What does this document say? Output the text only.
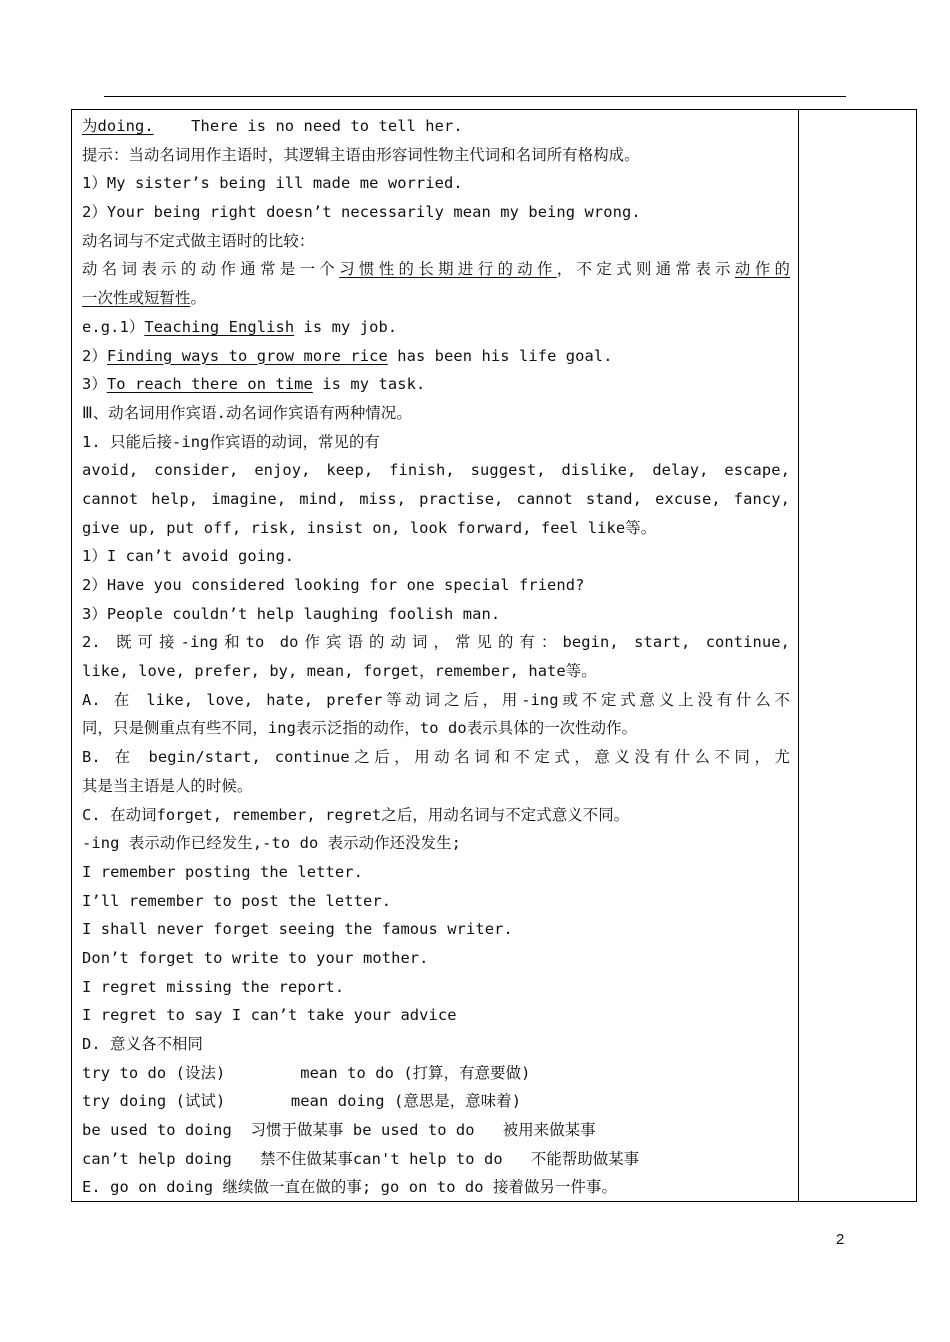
为doing.    There is no need to tell her.
提示：当动名词用作主语时，其逻辑主语由形容词性物主代词和名词所有格构成。
1）My sister’s being ill made me worried.
2）Your being right doesn’t necessarily mean my being wrong.
动名词与不定式做主语时的比较：
动名词表示的动作通常是一个习惯性的长期进行的动作，不定式则通常表示动作的
一次性或短暂性。
e.g.1）Teaching English is my job.
2）Finding ways to grow more rice has been his life goal.
3）To reach there on time is my task.
Ⅲ、动名词用作宾语.动名词作宾语有两种情况。
1. 只能后接-ing作宾语的动词，常见的有
avoid, consider, enjoy, keep, finish, suggest, dislike, delay, escape,
cannot help, imagine, mind, miss, practise, cannot stand, excuse, fancy,
give up, put off, risk, insist on, look forward, feel like等。
1）I can’t avoid going.
2）Have you considered looking for one special friend?
3）People couldn’t help laughing foolish man.
2. 既可接-ing和to do作宾语的动词，常见的有：begin, start, continue,
like, love, prefer, by, mean, forget，remember, hate等。
A. 在 like, love, hate, prefer等动词之后，用-ing或不定式意义上没有什么不
同，只是侧重点有些不同，ing表示泛指的动作，to do表示具体的一次性动作。
B. 在 begin/start, continue之后，用动名词和不定式，意义没有什么不同，尤
其是当主语是人的时候。
C. 在动词forget, remember, regret之后，用动名词与不定式意义不同。
-ing 表示动作已经发生,-to do 表示动作还没发生;
I remember posting the letter.
I’ll remember to post the letter.
I shall never forget seeing the famous writer.
Don’t forget to write to your mother.
I regret missing the report.
I regret to say I can’t take your advice
D. 意义各不相同
try to do (设法)        mean to do (打算，有意要做)
try doing (试试)       mean doing (意思是，意味着)
be used to doing  习惯于做某事 be used to do   被用来做某事
can’t help doing   禁不住做某事can't help to do   不能帮助做某事
E. go on doing 继续做一直在做的事; go on to do 接着做另一件事。
2
